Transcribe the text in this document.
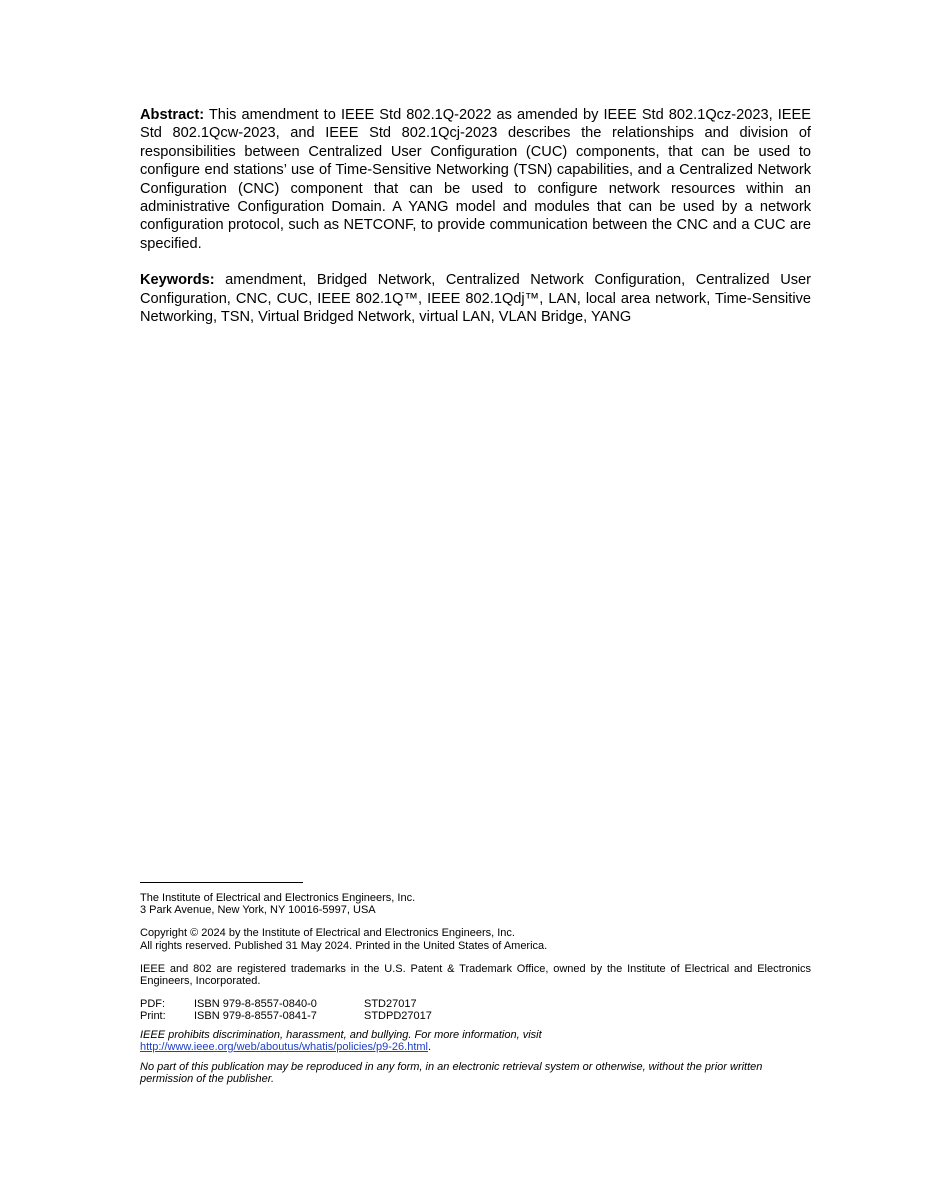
Abstract: This amendment to IEEE Std 802.1Q-2022 as amended by IEEE Std 802.1Qcz-2023, IEEE Std 802.1Qcw-2023, and IEEE Std 802.1Qcj-2023 describes the relationships and division of responsibilities between Centralized User Configuration (CUC) components, that can be used to configure end stations’ use of Time-Sensitive Networking (TSN) capabilities, and a Centralized Network Configuration (CNC) component that can be used to configure network resources within an administrative Configuration Domain. A YANG model and modules that can be used by a network configuration protocol, such as NETCONF, to provide communication between the CNC and a CUC are specified.

Keywords: amendment, Bridged Network, Centralized Network Configuration, Centralized User Configuration, CNC, CUC, IEEE 802.1Q™, IEEE 802.1Qdj™, LAN, local area network, Time-Sensitive Networking, TSN, Virtual Bridged Network, virtual LAN, VLAN Bridge, YANG

The Institute of Electrical and Electronics Engineers, Inc.
3 Park Avenue, New York, NY 10016-5997, USA
Copyright © 2024 by the Institute of Electrical and Electronics Engineers, Inc.
All rights reserved. Published 31 May 2024. Printed in the United States of America.
IEEE and 802 are registered trademarks in the U.S. Patent & Trademark Office, owned by the Institute of Electrical and Electronics Engineers, Incorporated.
PDF:	ISBN 979-8-8557-0840-0	STD27017
Print:	ISBN 979-8-8557-0841-7	STDPD27017
IEEE prohibits discrimination, harassment, and bullying. For more information, visit
http://www.ieee.org/web/aboutus/whatis/policies/p9-26.html.
No part of this publication may be reproduced in any form, in an electronic retrieval system or otherwise, without the prior written permission of the publisher.
